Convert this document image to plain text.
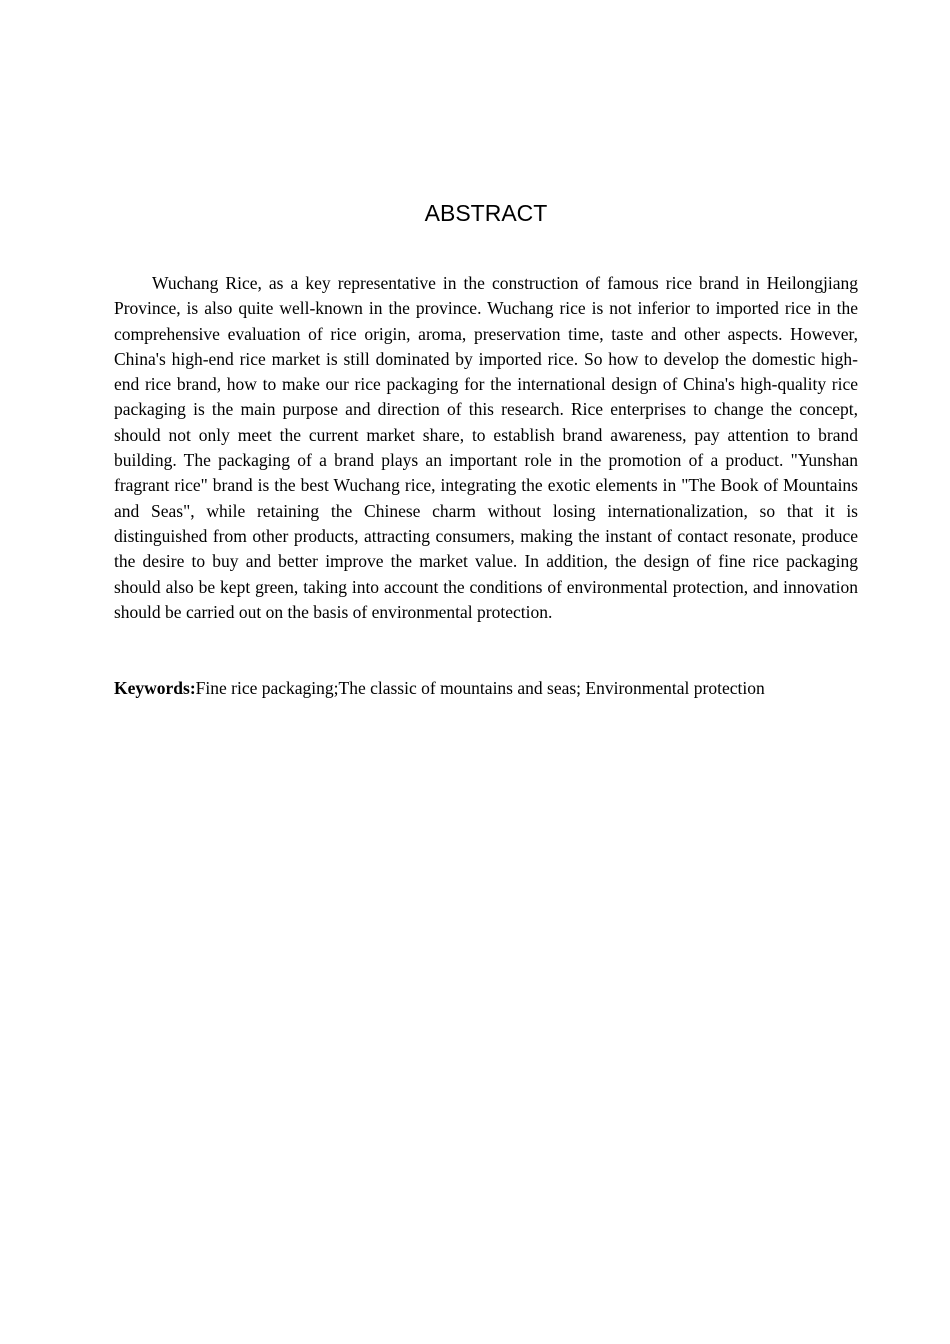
ABSTRACT

Wuchang Rice, as a key representative in the construction of famous rice brand in Heilongjiang Province, is also quite well-known in the province. Wuchang rice is not inferior to imported rice in the comprehensive evaluation of rice origin, aroma, preservation time, taste and other aspects. However, China's high-end rice market is still dominated by imported rice. So how to develop the domestic high-end rice brand, how to make our rice packaging for the international design of China's high-quality rice packaging is the main purpose and direction of this research. Rice enterprises to change the concept, should not only meet the current market share, to establish brand awareness, pay attention to brand building. The packaging of a brand plays an important role in the promotion of a product. "Yunshan fragrant rice" brand is the best Wuchang rice, integrating the exotic elements in "The Book of Mountains and Seas", while retaining the Chinese charm without losing internationalization, so that it is distinguished from other products, attracting consumers, making the instant of contact resonate, produce the desire to buy and better improve the market value. In addition, the design of fine rice packaging should also be kept green, taking into account the conditions of environmental protection, and innovation should be carried out on the basis of environmental protection.

Keywords:Fine rice packaging;The classic of mountains and seas; Environmental protection
